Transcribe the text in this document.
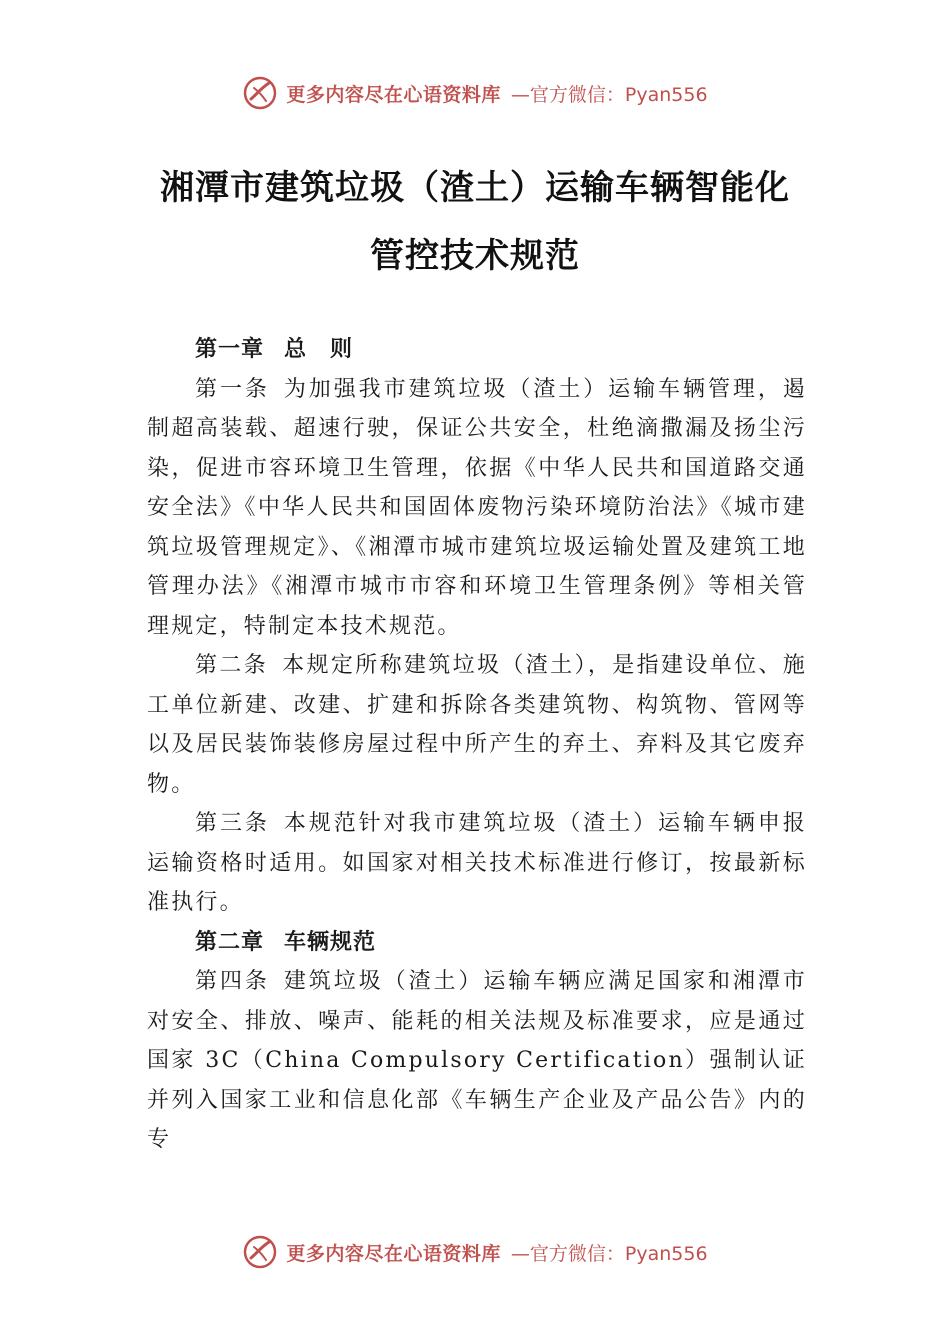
更多内容尽在心语资料库 —官方微信：Pyan556
湘潭市建筑垃圾（渣土）运输车辆智能化
管控技术规范
第一章 总　则

第一条 为加强我市建筑垃圾（渣土）运输车辆管理，遏制超高装载、超速行驶，保证公共安全，杜绝滴撒漏及扬尘污染，促进市容环境卫生管理，依据《中华人民共和国道路交通安全法》《中华人民共和国固体废物污染环境防治法》《城市建筑垃圾管理规定》、《湘潭市城市建筑垃圾运输处置及建筑工地管理办法》《湘潭市城市市容和环境卫生管理条例》等相关管理规定，特制定本技术规范。

第二条 本规定所称建筑垃圾（渣土），是指建设单位、施工单位新建、改建、扩建和拆除各类建筑物、构筑物、管网等以及居民装饰装修房屋过程中所产生的弃土、弃料及其它废弃物。

第三条 本规范针对我市建筑垃圾（渣土）运输车辆申报运输资格时适用。如国家对相关技术标准进行修订，按最新标准执行。

第二章 车辆规范

第四条 建筑垃圾（渣土）运输车辆应满足国家和湘潭市对安全、排放、噪声、能耗的相关法规及标准要求，应是通过国家 3C（China Compulsory Certification）强制认证并列入国家工业和信息化部《车辆生产企业及产品公告》内的专

更多内容尽在心语资料库 —官方微信：Pyan556
